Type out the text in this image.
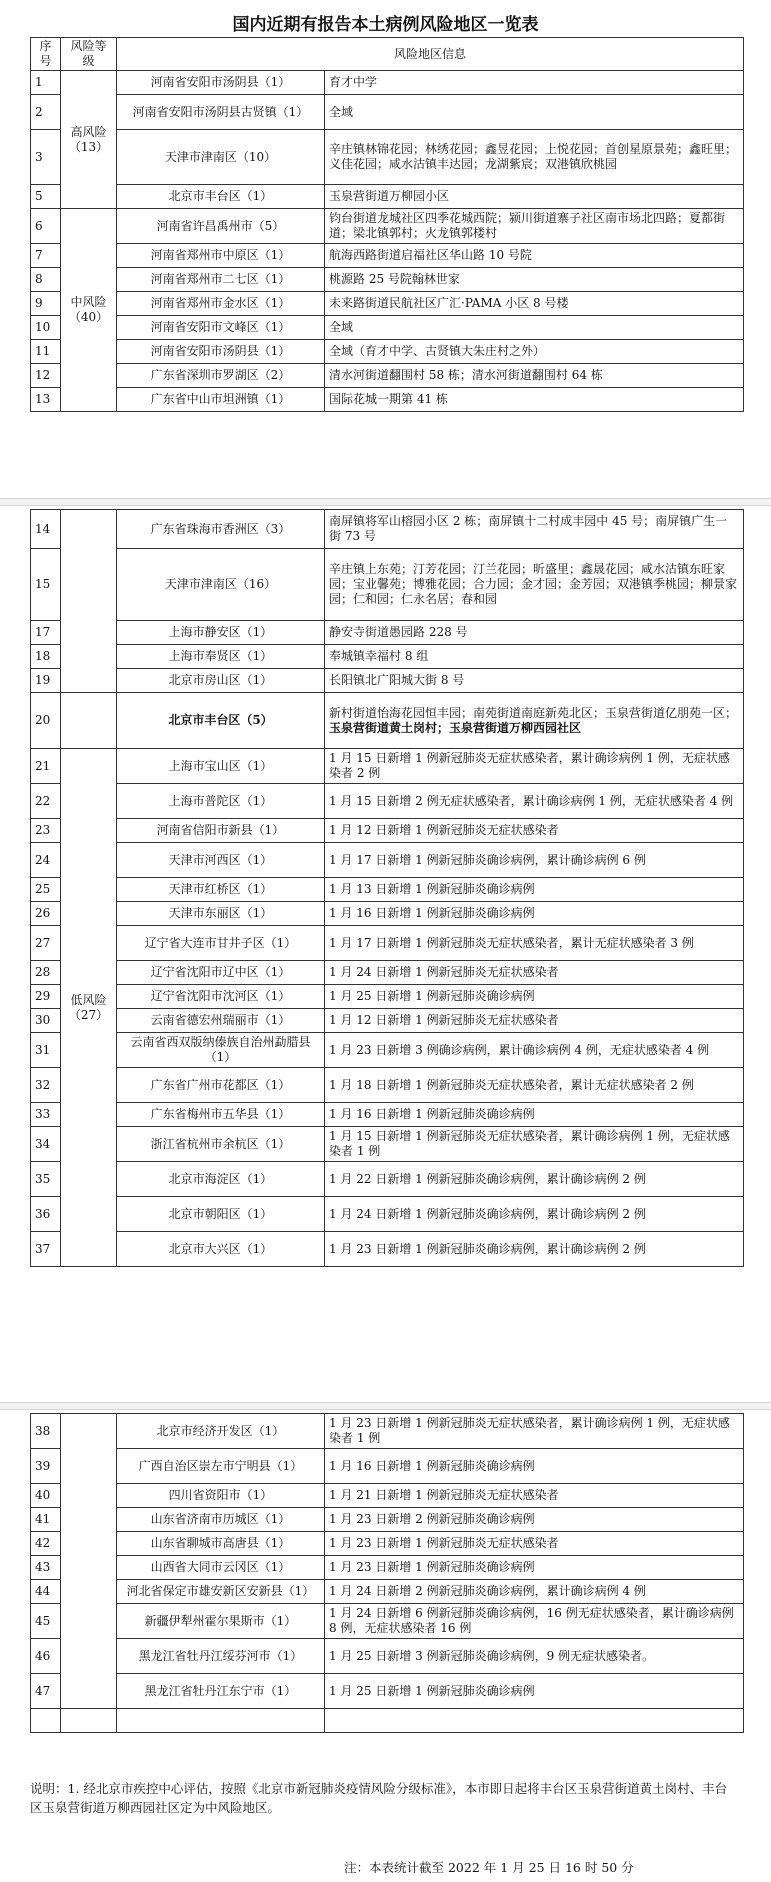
国内近期有报告本土病例风险地区一览表
序号	风险等级	风险地区信息	
1	高风险（13）	河南省安阳市汤阴县（1）	育才中学
2		河南省安阳市汤阴县古贤镇（1）	全域
3		天津市津南区（10）	辛庄镇林锦花园；林绣花园；鑫昱花园；上悦花园；首创星原景苑；鑫旺里；义佳花园；咸水沽镇丰达园；龙湖紫宸；双港镇欣桃园
5		北京市丰台区（1）	玉泉营街道万柳园小区
6	中风险（40）	河南省许昌禹州市（5）	钧台街道龙城社区四季花城西院；颍川街道寨子社区南市场北四路；夏都街道；梁北镇郭村；火龙镇郭楼村
7		河南省郑州市中原区（1）	航海西路街道启福社区华山路 10 号院
8		河南省郑州市二七区（1）	桃源路 25 号院翰林世家
9		河南省郑州市金水区（1）	未来路街道民航社区广汇·PAMA 小区 8 号楼
10		河南省安阳市文峰区（1）	全域
11		河南省安阳市汤阴县（1）	全域（育才中学、古贤镇大朱庄村之外）
12		广东省深圳市罗湖区（2）	清水河街道翻围村 58 栋；清水河街道翻围村 64 栋
13		广东省中山市坦洲镇（1）	国际花城一期第 41 栋
14		广东省珠海市香洲区（3）	南屏镇将军山榕园小区 2 栋；南屏镇十二村成丰园中 45 号；南屏镇广生一街 73 号
15		天津市津南区（16）	辛庄镇上东苑；汀芳花园；汀兰花园；昕盛里；鑫晟花园；咸水沽镇东旺家园；宝业馨苑；博雅花园；合力园；金才园；金芳园；双港镇季桃园；柳景家园；仁和园；仁永名居；春和园
17		上海市静安区（1）	静安寺街道愚园路 228 号
18		上海市奉贤区（1）	奉城镇幸福村 8 组
19		北京市房山区（1）	长阳镇北广阳城大街 8 号
20		北京市丰台区（5）	新村街道怡海花园恒丰园；南苑街道南庭新苑北区；玉泉营街道亿朋苑一区；玉泉营街道黄土岗村；玉泉营街道万柳西园社区
21	低风险（27）	上海市宝山区（1）	1 月 15 日新增 1 例新冠肺炎无症状感染者，累计确诊病例 1 例，无症状感染者 2 例
22		上海市普陀区（1）	1 月 15 日新增 2 例无症状感染者，累计确诊病例 1 例，无症状感染者 4 例
23		河南省信阳市新县（1）	1 月 12 日新增 1 例新冠肺炎无症状感染者
24		天津市河西区（1）	1 月 17 日新增 1 例新冠肺炎确诊病例，累计确诊病例 6 例
25		天津市红桥区（1）	1 月 13 日新增 1 例新冠肺炎确诊病例
26		天津市东丽区（1）	1 月 16 日新增 1 例新冠肺炎确诊病例
27		辽宁省大连市甘井子区（1）	1 月 17 日新增 1 例新冠肺炎无症状感染者，累计无症状感染者 3 例
28		辽宁省沈阳市辽中区（1）	1 月 24 日新增 1 例新冠肺炎无症状感染者
29		辽宁省沈阳市沈河区（1）	1 月 25 日新增 1 例新冠肺炎确诊病例
30		云南省德宏州瑞丽市（1）	1 月 12 日新增 1 例新冠肺炎无症状感染者
31		云南省西双版纳傣族自治州勐腊县（1）	1 月 23 日新增 3 例确诊病例，累计确诊病例 4 例，无症状感染者 4 例
32		广东省广州市花都区（1）	1 月 18 日新增 1 例新冠肺炎无症状感染者，累计无症状感染者 2 例
33		广东省梅州市五华县（1）	1 月 16 日新增 1 例新冠肺炎确诊病例
34		浙江省杭州市余杭区（1）	1 月 15 日新增 1 例新冠肺炎无症状感染者，累计确诊病例 1 例，无症状感染者 1 例
35		北京市海淀区（1）	1 月 22 日新增 1 例新冠肺炎确诊病例，累计确诊病例 2 例
36		北京市朝阳区（1）	1 月 24 日新增 1 例新冠肺炎确诊病例，累计确诊病例 2 例
37		北京市大兴区（1）	1 月 23 日新增 1 例新冠肺炎确诊病例，累计确诊病例 2 例
38		北京市经济开发区（1）	1 月 23 日新增 1 例新冠肺炎无症状感染者，累计确诊病例 1 例，无症状感染者 1 例
39		广西自治区崇左市宁明县（1）	1 月 16 日新增 1 例新冠肺炎确诊病例
40		四川省资阳市（1）	1 月 21 日新增 1 例新冠肺炎无症状感染者
41		山东省济南市历城区（1）	1 月 23 日新增 2 例新冠肺炎确诊病例
42		山东省聊城市高唐县（1）	1 月 23 日新增 1 例新冠肺炎无症状感染者
43		山西省大同市云冈区（1）	1 月 23 日新增 1 例新冠肺炎确诊病例
44		河北省保定市雄安新区安新县（1）	1 月 24 日新增 2 例新冠肺炎确诊病例，累计确诊病例 4 例
45		新疆伊犁州霍尔果斯市（1）	1 月 24 日新增 6 例新冠肺炎确诊病例，16 例无症状感染者，累计确诊病例 8 例，无症状感染者 16 例
46		黑龙江省牡丹江绥芬河市（1）	1 月 25 日新增 3 例新冠肺炎确诊病例，9 例无症状感染者。
47		黑龙江省牡丹江东宁市（1）	1 月 25 日新增 1 例新冠肺炎确诊病例

说明：1. 经北京市疾控中心评估，按照《北京市新冠肺炎疫情风险分级标准》，本市即日起将丰台区玉泉营街道黄土岗村、丰台区玉泉营街道万柳西园社区定为中风险地区。
注：本表统计截至 2022 年 1 月 25 日 16 时 50 分
